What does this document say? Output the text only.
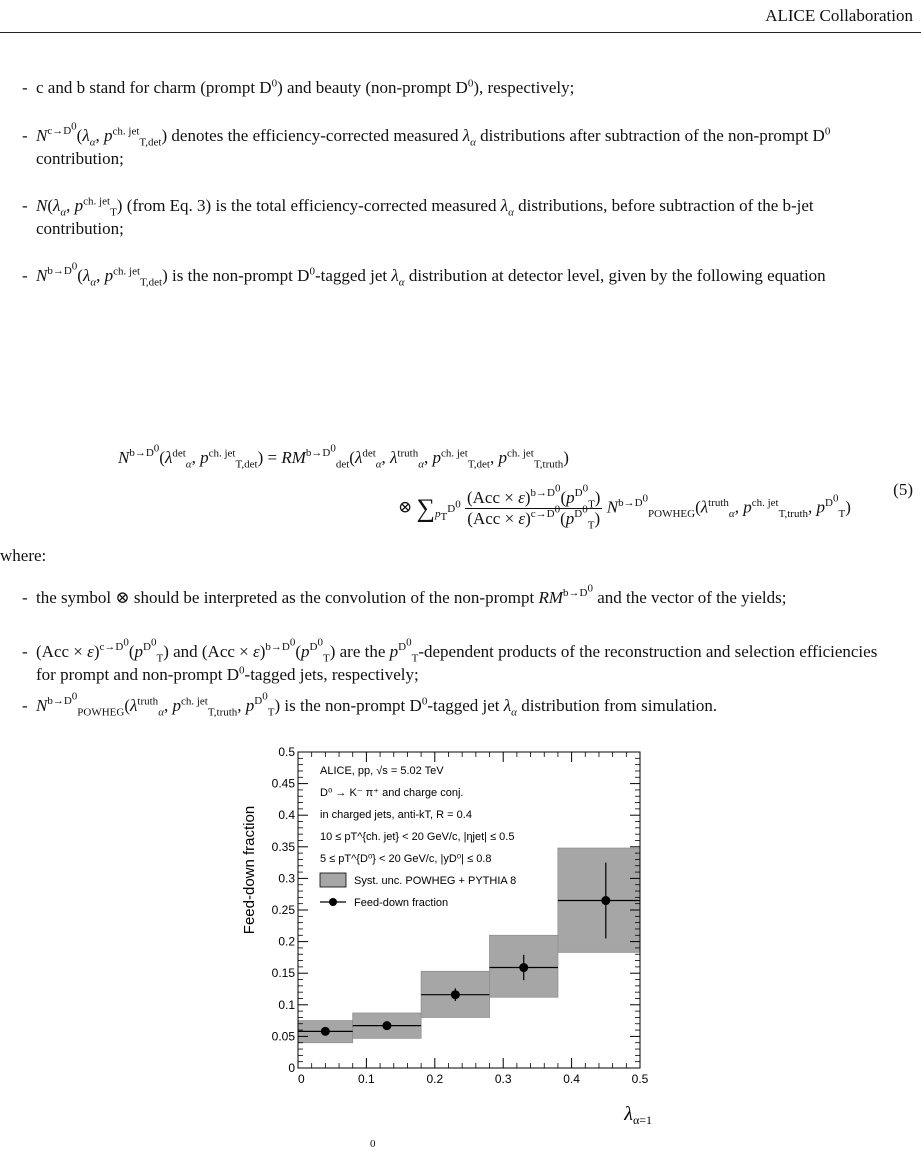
ALICE Collaboration
- c and b stand for charm (prompt $D^0$) and beauty (non-prompt $D^0$), respectively;
- $N^{c\to D^0}(\lambda_\alpha$, $p^{ch. jet}_{T,det}$) denotes the efficiency-corrected measured $\lambda_\alpha$ distributions after subtraction of the non-prompt $D^0$ contribution;
- $N(\lambda_\alpha$, $p^{ch. jet}_T$) (from Eq. 3) is the total efficiency-corrected measured $\lambda_\alpha$ distributions, before subtraction of the b-jet contribution;
- $N^{b\to D^0}(\lambda_\alpha$, $p^{ch. jet}_{T,det}$) is the non-prompt $D^0$-tagged jet $\lambda_\alpha$ distribution at detector level, given by the following equation
$N^{b\to D^0}(\lambda^{det}_\alpha$, $p^{ch. jet}_{T,det}) = RM^{b\to D^0}_{det}(\lambda^{det}_\alpha$, $\lambda^{truth}_\alpha$, $p^{ch. jet}_{T,det}$, $p^{ch. jet}_{T,truth}$)
⊗ $\sum_{p_T^{D^0}} \frac{(Acc \times \varepsilon)^{b\to D^0}(p^{D^0}_T)}{(Acc \times \varepsilon)^{c\to D^0}(p^{D^0}_T)} N^{b\to D^0}_{POWHEG}(\lambda^{truth}_\alpha$, $p^{ch. jet}_{T,truth}$, $p^{D^0}_T$)
(5)
where:
- the symbol ⊗ should be interpreted as the convolution of the non-prompt $RM^{b\to D^0}$ and the vector of the yields;
- $(Acc \times \varepsilon)^{c\to D^0}(p^{D^0}_T)$ and $(Acc \times \varepsilon)^{b\to D^0}(p^{D^0}_T)$ are the $p^{D^0}_T$-dependent products of the reconstruction and selection efficiencies for prompt and non-prompt $D^0$-tagged jets, respectively;
- $N^{b\to D^0}_{POWHEG}(\lambda^{truth}_\alpha$, $p^{ch. jet}_{T,truth}$, $p^{D^0}_T$) is the non-prompt $D^0$-tagged jet $\lambda_\alpha$ distribution from simulation.
0
0.05
0.1
0.15
0.2
0.25
0.3
0.35
0.4
0.45
0.5
0	0.1	0.2	0.3	0.4	0.5
Feed-down fraction
$\lambda_{\alpha=1}$
ALICE, pp, √s = 5.02 TeV
D⁰ → K⁻ π⁺ and charge conj.
in charged jets, anti-kT, R = 0.4
10 ≤ pT^{ch. jet} < 20 GeV/c, |ηjet| ≤ 0.5
5 ≤ pT^{D⁰} < 20 GeV/c, |yD⁰| ≤ 0.8
Syst. unc. POWHEG + PYTHIA 8
Feed-down fraction
0
